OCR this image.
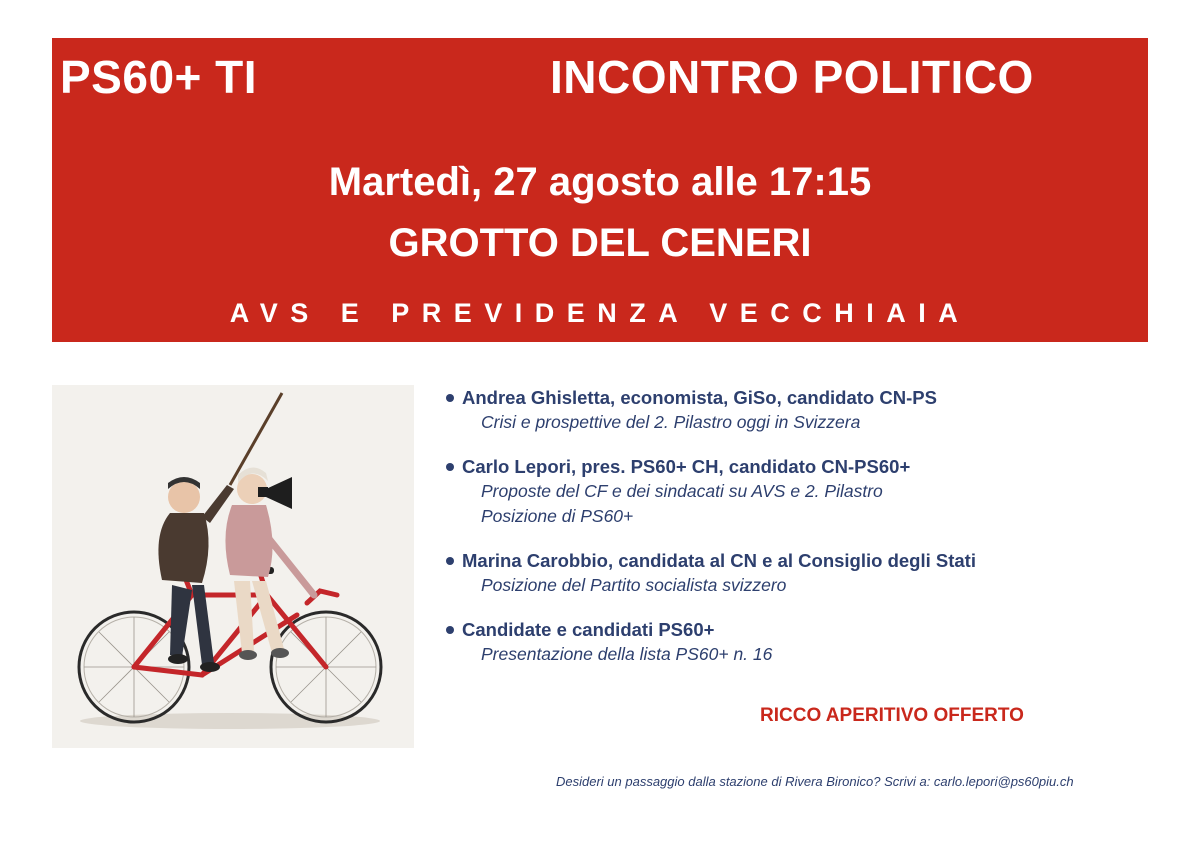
PS60+ TI	INCONTRO POLITICO
Martedì, 27 agosto alle 17:15
GROTTO DEL CENERI
AVS E PREVIDENZA VECCHIAIA
Andrea Ghisletta, economista, GiSo, candidato CN-PS
Crisi e prospettive del 2. Pilastro oggi in Svizzera
Carlo Lepori, pres. PS60+ CH, candidato CN-PS60+
Proposte del CF e dei sindacati su AVS e 2. Pilastro
Posizione di PS60+
Marina Carobbio, candidata al CN e al Consiglio degli Stati
Posizione del Partito socialista svizzero
Candidate e candidati PS60+
Presentazione della lista PS60+ n. 16
RICCO APERITIVO OFFERTO
Desideri un passaggio dalla stazione di Rivera Bironico? Scrivi a: carlo.lepori@ps60piu.ch
